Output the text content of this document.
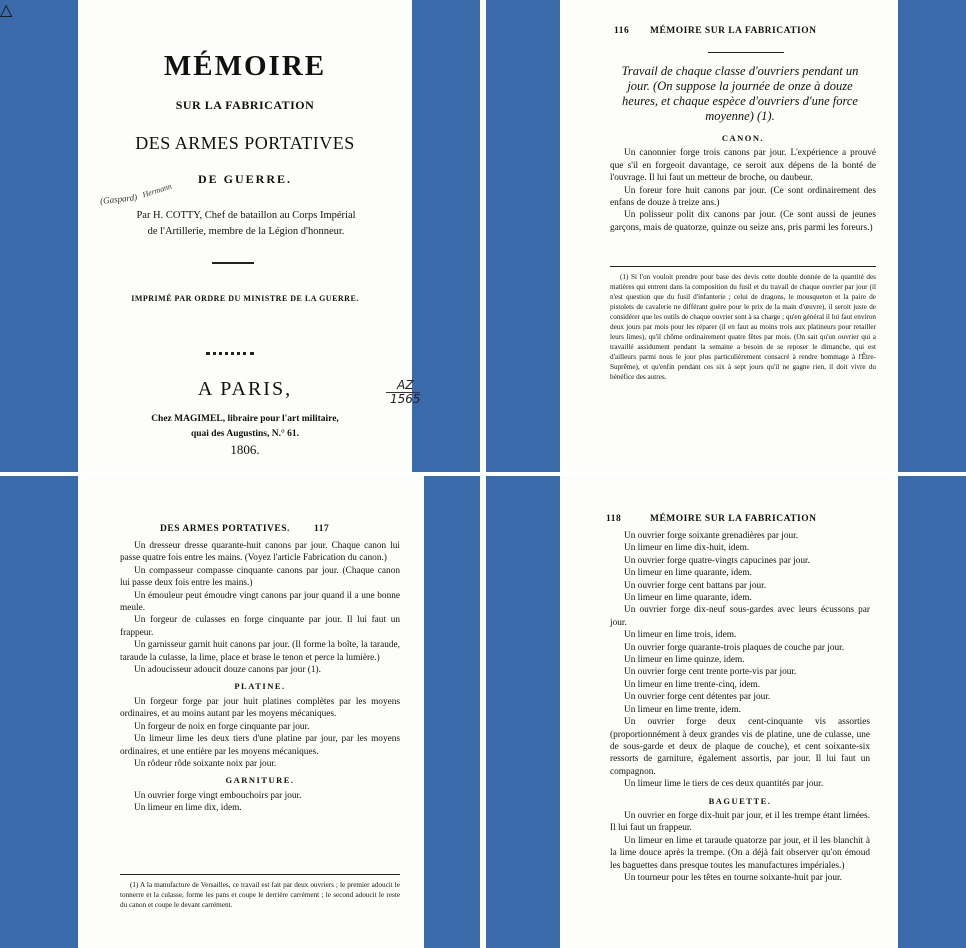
MÉMOIRE
SUR LA FABRICATION
DES ARMES PORTATIVES
DE GUERRE.
(Gaspard) Hermann
Par H. COTTY, Chef de bataillon au Corps Impérial
de l'Artillerie, membre de la Légion d'honneur.
IMPRIMÉ PAR ORDRE DU MINISTRE DE LA GUERRE.
A PARIS,	AZ 1565
Chez MAGIMEL, libraire pour l'art militaire,
quai des Augustins, N.° 61.
1806.
△
116 MÉMOIRE SUR LA FABRICATION
Travail de chaque classe d'ouvriers pendant un jour. (On suppose la journée de onze à douze heures, et chaque espèce d'ouvriers d'une force moyenne) (1).
CANON.

Un canonnier forge trois canons par jour. L'expérience a prouvé que s'il en forgeoit davantage, ce seroit aux dépens de la bonté de l'ouvrage. Il lui faut un metteur de broche, ou daubeur.

Un foreur fore huit canons par jour. (Ce sont ordinairement des enfans de douze à treize ans.)

Un polisseur polit dix canons par jour. (Ce sont aussi de jeunes garçons, mais de quatorze, quinze ou seize ans, pris parmi les foreurs.)

(1) Si l'on vouloit prendre pour base des devis cette double donnée de la quantité des matières qui entrent dans la composition du fusil et du travail de chaque ouvrier par jour (il n'est question que du fusil d'infanterie ; celui de dragons, le mousqueton et la paire de pistolets de cavalerie ne différant guère pour le prix de la main d'œuvre), il seroit juste de considérer que les outils de chaque ouvrier sont à sa charge ; qu'en général il lui faut environ deux jours par mois pour les réparer (il en faut au moins trois aux platineurs pour retailler leurs limes), qu'il chôme ordinairement quatre fêtes par mois. (On sait qu'un ouvrier qui a travaillé assidument pendant la semaine a besoin de se reposer le dimanche, qui est d'ailleurs parmi nous le jour plus particulièrement consacré à rendre hommage à l'Être-Suprême), et qu'enfin pendant ces six à sept jours qu'il ne gagne rien, il doit vivre du bénéfice des autres.

DES ARMES PORTATIVES.	117

Un dresseur dresse quarante-huit canons par jour. Chaque canon lui passe quatre fois entre les mains. (Voyez l'article Fabrication du canon.)

Un compasseur compasse cinquante canons par jour. (Chaque canon lui passe deux fois entre les mains.)

Un émouleur peut émoudre vingt canons par jour quand il a une bonne meule.

Un forgeur de culasses en forge cinquante par jour. Il lui faut un frappeur.

Un garnisseur garnit huit canons par jour. (Il forme la boîte, la taraude, taraude la culasse, la lime, place et brase le tenon et perce la lumière.)

Un adoucisseur adoucit douze canons par jour (1).

PLATINE.

Un forgeur forge par jour huit platines complètes par les moyens ordinaires, et au moins autant par les moyens mécaniques.

Un forgeur de noix en forge cinquante par jour.

Un limeur lime les deux tiers d'une platine par jour, par les moyens ordinaires, et une entière par les moyens mécaniques.

Un rôdeur rôde soixante noix par jour.

GARNITURE.

Un ouvrier forge vingt embouchoirs par jour.

Un limeur en lime dix, idem.

(1) A la manufacture de Versailles, ce travail est fait par deux ouvriers ; le premier adoucit le tonnerre et la culasse, forme les pans et coupe le derrière carrément ; le second adoucit le reste du canon et coupe le devant carrément.

118	MÉMOIRE SUR LA FABRICATION

Un ouvrier forge soixante grenadières par jour.

Un limeur en lime dix-huit, idem.

Un ouvrier forge quatre-vingts capucines par jour.

Un limeur en lime quarante, idem.

Un ouvrier forge cent battans par jour.

Un limeur en lime quarante, idem.

Un ouvrier forge dix-neuf sous-gardes avec leurs écussons par jour.

Un limeur en lime trois, idem.

Un ouvrier forge quarante-trois plaques de couche par jour.

Un limeur en lime quinze, idem.

Un ouvrier forge cent trente porte-vis par jour.

Un limeur en lime trente-cinq, idem.

Un ouvrier forge cent détentes par jour.

Un limeur en lime trente, idem.

Un ouvrier forge deux cent-cinquante vis assorties (proportionnément à deux grandes vis de platine, une de culasse, une de sous-garde et deux de plaque de couche), et cent soixante-six ressorts de garniture, également assortis, par jour. Il lui faut un compagnon.

Un limeur lime le tiers de ces deux quantités par jour.

BAGUETTE.

Un ouvrier en forge dix-huit par jour, et il les trempe étant limées. Il lui faut un frappeur.

Un limeur en lime et taraude quatorze par jour, et il les blanchit à la lime douce après la trempe. (On a déjà fait observer qu'on émoud les baguettes dans presque toutes les manufactures impériales.)

Un tourneur pour les têtes en tourne soixante-huit par jour.
